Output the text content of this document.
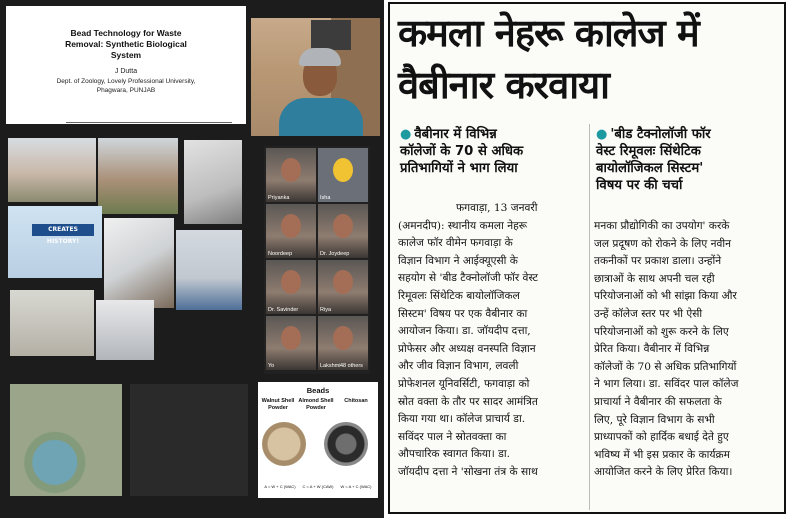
Bead Technology for Waste
Removal: Synthetic Biological
System
J Dutta
Dept. of Zoology, Lovely Professional University,
Phagwara, PUNJAB
CREATES HISTORY!
Priyanka	Isha
Noordeep	Dr. Joydeep
Dr. Savinder	Riya
Yo	Lakshmi 48 others
Beads
Walnut Shell Powder
Almond Shell Powder
Chitosan
A = W + C (WAC)	C = A + W (CAW)	W = A + C (WAC)
कमला नेहरू कालेज में
वैबीनार करवाया
● वैबीनार में विभिन्न
कॉलेजों के 70 से अधिक
प्रतिभागियों ने भाग लिया
● 'बीड टैक्नोलॉजी फॉर
वेस्ट रिमूवलः सिंथेटिक
बायोलॉजिकल सिस्टम'
विषय पर की चर्चा
फगवाड़ा, 13 जनवरी
(अमनदीप): स्थानीय कमला नेहरू
कालेज फॉर वीमेन फगवाड़ा के
विज्ञान विभाग ने आईक्यूएसी के
सहयोग से 'बीड टैक्नोलॉजी फॉर वेस्ट
रिमूवलः सिंथेटिक बायोलॉजिकल
सिस्टम' विषय पर एक वैबीनार का
आयोजन किया। डा. जॉयदीप दत्ता,
प्रोफेसर और अध्यक्ष वनस्पति विज्ञान
और जीव विज्ञान विभाग, लवली
प्रोफेशनल यूनिवर्सिटी, फगवाड़ा को
स्रोत वक्ता के तौर पर सादर आमंत्रित
किया गया था। कॉलेज प्राचार्य डा.
सविंदर पाल ने स्रोतवक्ता का
औपचारिक स्वागत किया। डा.
जॉयदीप दत्ता ने 'सोखना तंत्र के साथ
मनका प्रौद्योगिकी का उपयोग' करके
जल प्रदूषण को रोकने के लिए नवीन
तकनीकों पर प्रकाश डाला। उन्होंने
छात्राओं के साथ अपनी चल रही
परियोजनाओं को भी सांझा किया और
उन्हें कॉलेज स्तर पर भी ऐसी
परियोजनाओं को शुरू करने के लिए
प्रेरित किया। वैबीनार में विभिन्न
कॉलेजों के 70 से अधिक प्रतिभागियों
ने भाग लिया। डा. सविंदर पाल कॉलेज
प्राचार्या ने वैबीनार की सफलता के
लिए, पूरे विज्ञान विभाग के सभी
प्राध्यापकों को हार्दिक बधाई देते हुए
भविष्य में भी इस प्रकार के कार्यक्रम
आयोजित करने के लिए प्रेरित किया।
